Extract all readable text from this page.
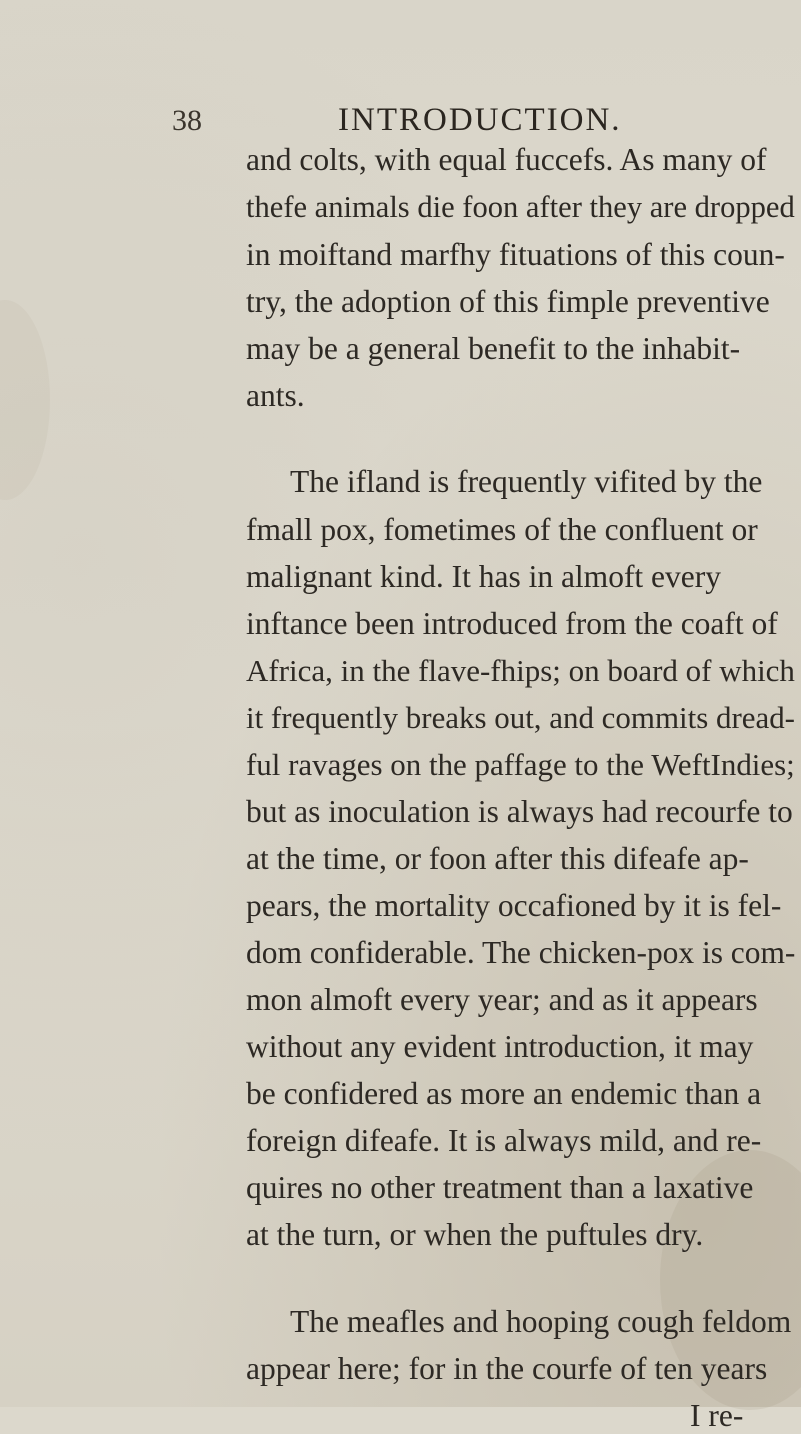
38	INTRODUCTION.
and colts, with equal fuccefs. As many of
thefe animals die foon after they are dropped
in moiftand marfhy fituations of this coun-
try, the adoption of this fimple preventive
may be a general benefit to the inhabit-
ants.
The ifland is frequently vifited by the
fmall pox, fometimes of the confluent or
malignant kind. It has in almoft every
inftance been introduced from the coaft of
Africa, in the flave-fhips; on board of which
it frequently breaks out, and commits dread-
ful ravages on the paffage to the WeftIndies;
but as inoculation is always had recourfe to
at the time, or foon after this difeafe ap-
pears, the mortality occafioned by it is fel-
dom confiderable. The chicken-pox is com-
mon almoft every year; and as it appears
without any evident introduction, it may
be confidered as more an endemic than a
foreign difeafe. It is always mild, and re-
quires no other treatment than a laxative
at the turn, or when the puftules dry.
The meafles and hooping cough feldom
appear here; for in the courfe of ten years
I re-
